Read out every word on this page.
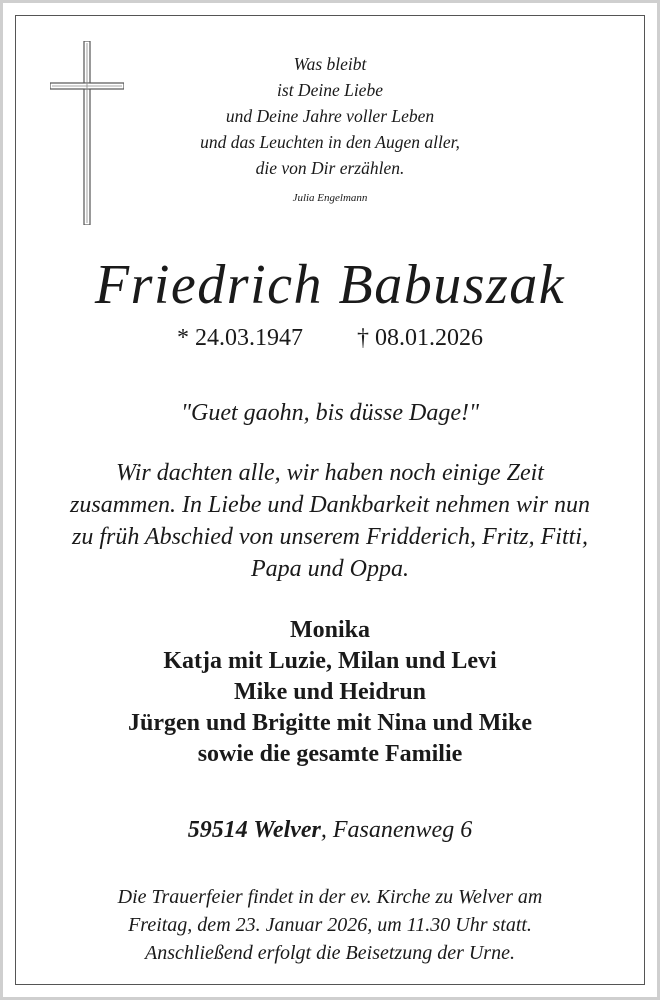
Was bleibt
ist Deine Liebe
und Deine Jahre voller Leben
und das Leuchten in den Augen aller,
die von Dir erzählen.
Julia Engelmann
Friedrich Babuszak
* 24.03.1947 † 08.01.2026
"Guet gaohn, bis düsse Dage!"
Wir dachten alle, wir haben noch einige Zeit
zusammen. In Liebe und Dankbarkeit nehmen wir nun
zu früh Abschied von unserem Fridderich, Fritz, Fitti,
Papa und Oppa.
Monika
Katja mit Luzie, Milan und Levi
Mike und Heidrun
Jürgen und Brigitte mit Nina und Mike
sowie die gesamte Familie
59514 Welver, Fasanenweg 6
Die Trauerfeier findet in der ev. Kirche zu Welver am
Freitag, dem 23. Januar 2026, um 11.30 Uhr statt.
Anschließend erfolgt die Beisetzung der Urne.
